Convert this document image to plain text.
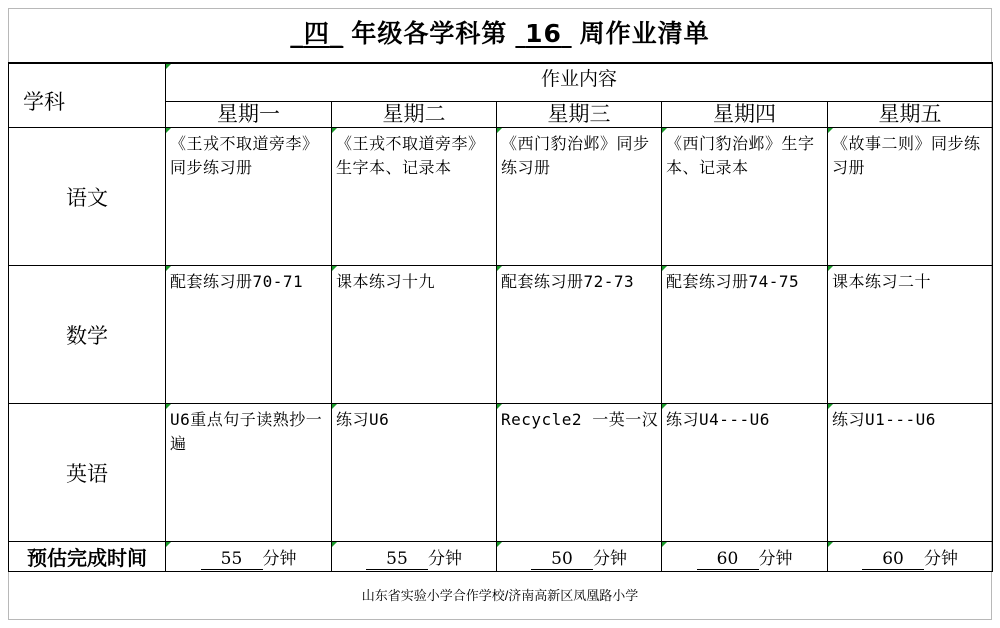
_四_ 年级各学科第 16 周作业清单
学科	作业内容				
	星期一	星期二	星期三	星期四	星期五
语文	《王戎不取道旁李》同步练习册	《王戎不取道旁李》生字本、记录本	《西门豹治邺》同步练习册	《西门豹治邺》生字本、记录本	《故事二则》同步练习册
数学	配套练习册70-71	课本练习十九	配套练习册72-73	配套练习册74-75	课本练习二十
英语	U6重点句子读熟抄一遍	练习U6	Recycle2 一英一汉	练习U4---U6	练习U1---U6
预估完成时间	55 分钟	55 分钟	50 分钟	60 分钟	60 分钟
山东省实验小学合作学校/济南高新区凤凰路小学
